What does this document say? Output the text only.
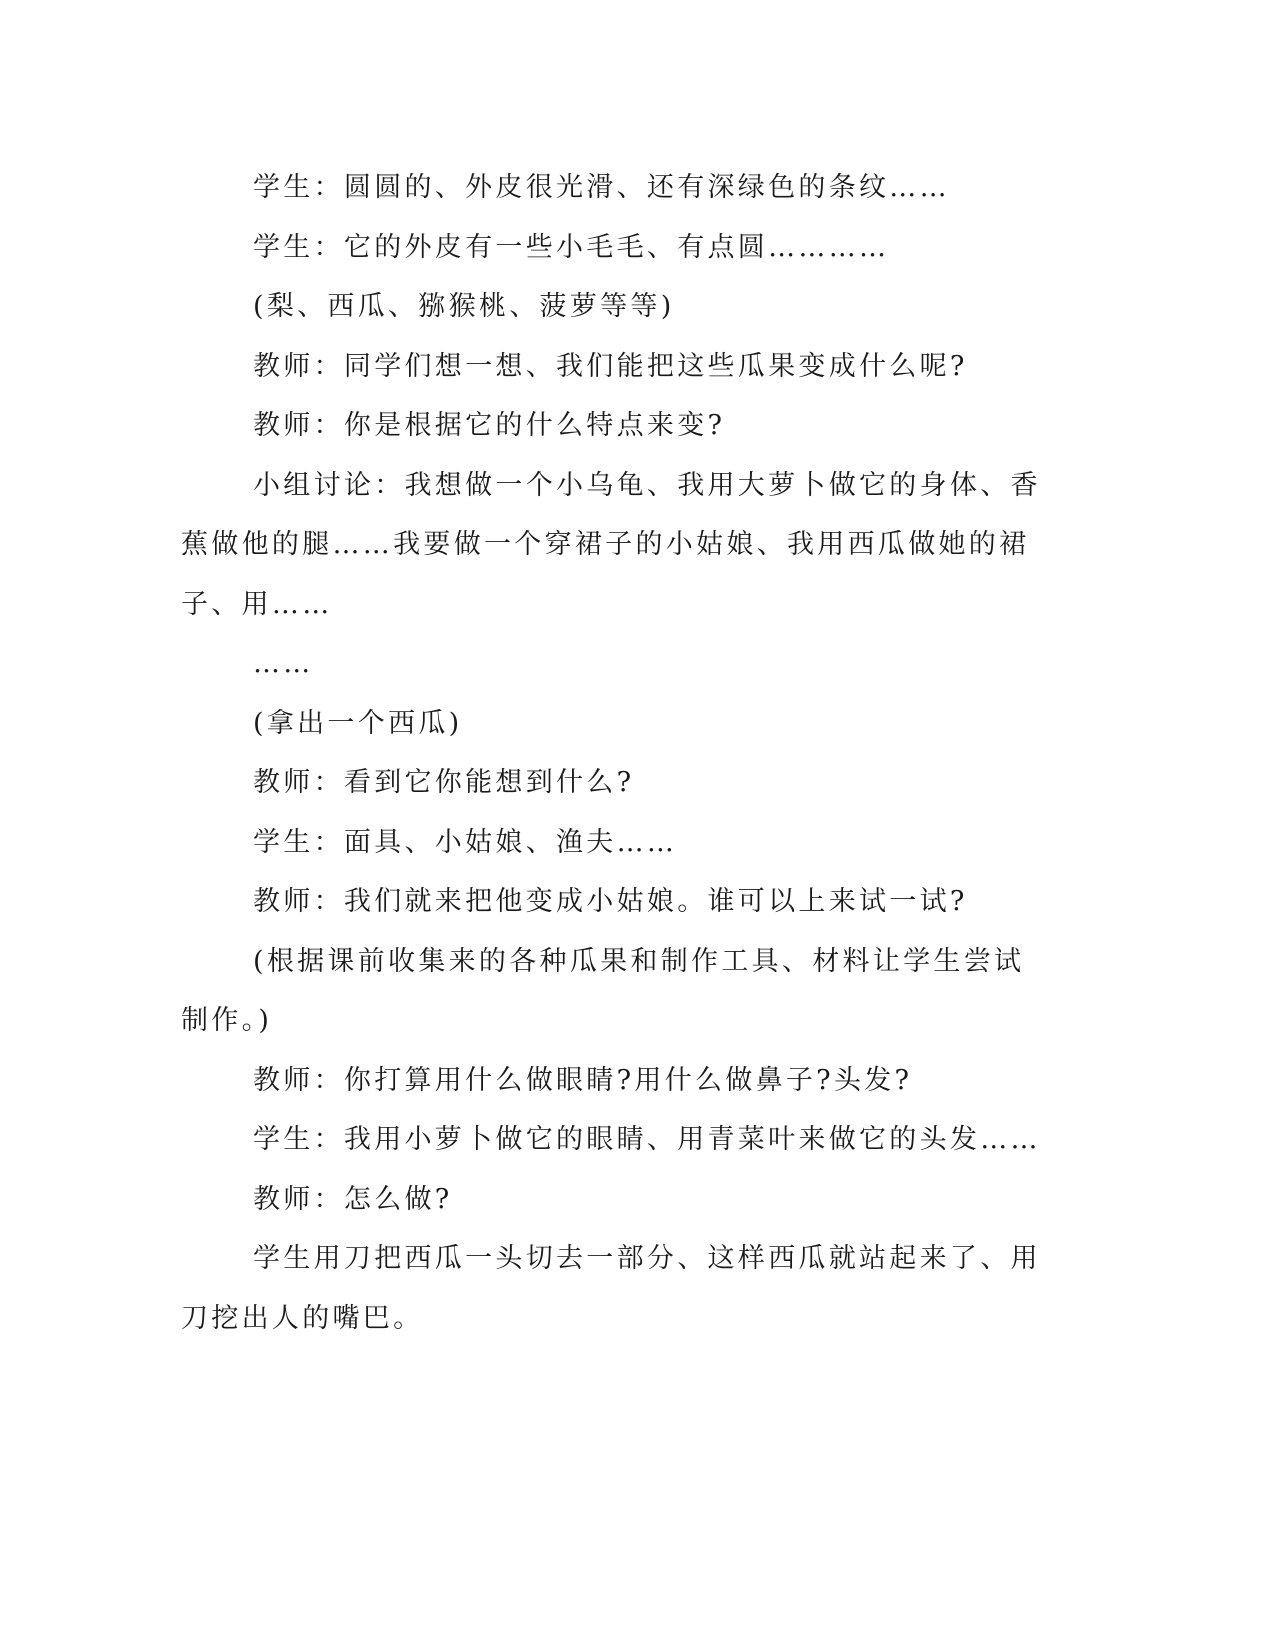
学生：圆圆的、外皮很光滑、还有深绿色的条纹……

学生：它的外皮有一些小毛毛、有点圆…………

(梨、西瓜、猕猴桃、菠萝等等)

教师：同学们想一想、我们能把这些瓜果变成什么呢?

教师：你是根据它的什么特点来变?

小组讨论：我想做一个小乌龟、我用大萝卜做它的身体、香蕉做他的腿……我要做一个穿裙子的小姑娘、我用西瓜做她的裙子、用……

……

(拿出一个西瓜)

教师：看到它你能想到什么?

学生：面具、小姑娘、渔夫……

教师：我们就来把他变成小姑娘。谁可以上来试一试?

(根据课前收集来的各种瓜果和制作工具、材料让学生尝试制作。)

教师：你打算用什么做眼睛?用什么做鼻子?头发?

学生：我用小萝卜做它的眼睛、用青菜叶来做它的头发……

教师：怎么做?

学生用刀把西瓜一头切去一部分、这样西瓜就站起来了、用刀挖出人的嘴巴。
